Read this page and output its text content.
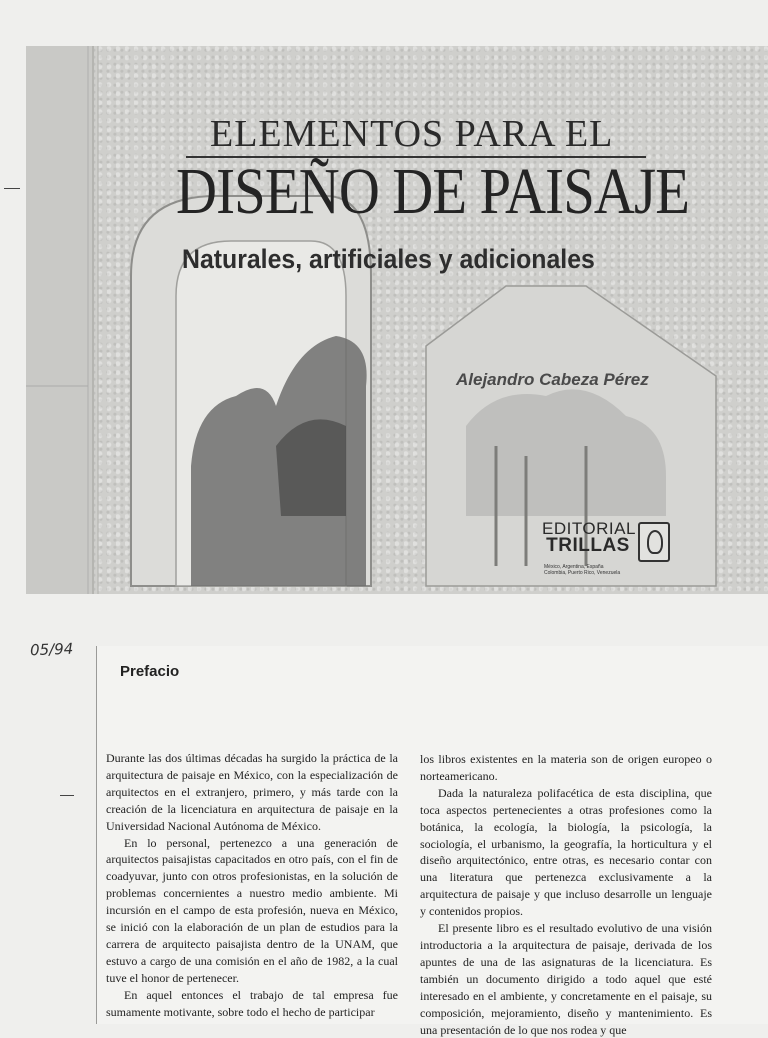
ELEMENTOS PARA EL
DISEÑO DE PAISAJE
Naturales, artificiales y adicionales
Alejandro Cabeza Pérez
EDITORIAL
TRILLAS
México, Argentina, España
Colombia, Puerto Rico, Venezuela
05/94
Prefacio

Durante las dos últimas décadas ha surgido la práctica de la arquitectura de paisaje en México, con la especialización de arquitectos en el extranjero, primero, y más tarde con la creación de la licenciatura en arquitectura de paisaje en la Universidad Nacional Autónoma de México.

En lo personal, pertenezco a una generación de arquitectos paisajistas capacitados en otro país, con el fin de coadyuvar, junto con otros profesionistas, en la solución de problemas concernientes a nuestro medio ambiente. Mi incursión en el campo de esta profesión, nueva en México, se inició con la elaboración de un plan de estudios para la carrera de arquitecto paisajista dentro de la UNAM, que estuvo a cargo de una comisión en el año de 1982, a la cual tuve el honor de pertenecer.

En aquel entonces el trabajo de tal empresa fue sumamente motivante, sobre todo el hecho de participar

los libros existentes en la materia son de origen europeo o norteamericano.

Dada la naturaleza polifacética de esta disciplina, que toca aspectos pertenecientes a otras profesiones como la botánica, la ecología, la biología, la psicología, la sociología, el urbanismo, la geografía, la horticultura y el diseño arquitectónico, entre otras, es necesario contar con una literatura que pertenezca exclusivamente a la arquitectura de paisaje y que incluso desarrolle un lenguaje y contenidos propios.

El presente libro es el resultado evolutivo de una visión introductoria a la arquitectura de paisaje, derivada de los apuntes de una de las asignaturas de la licenciatura. Es también un documento dirigido a todo aquel que esté interesado en el ambiente, y concretamente en el paisaje, su composición, mejoramiento, diseño y mantenimiento. Es una presentación de lo que nos rodea y que
